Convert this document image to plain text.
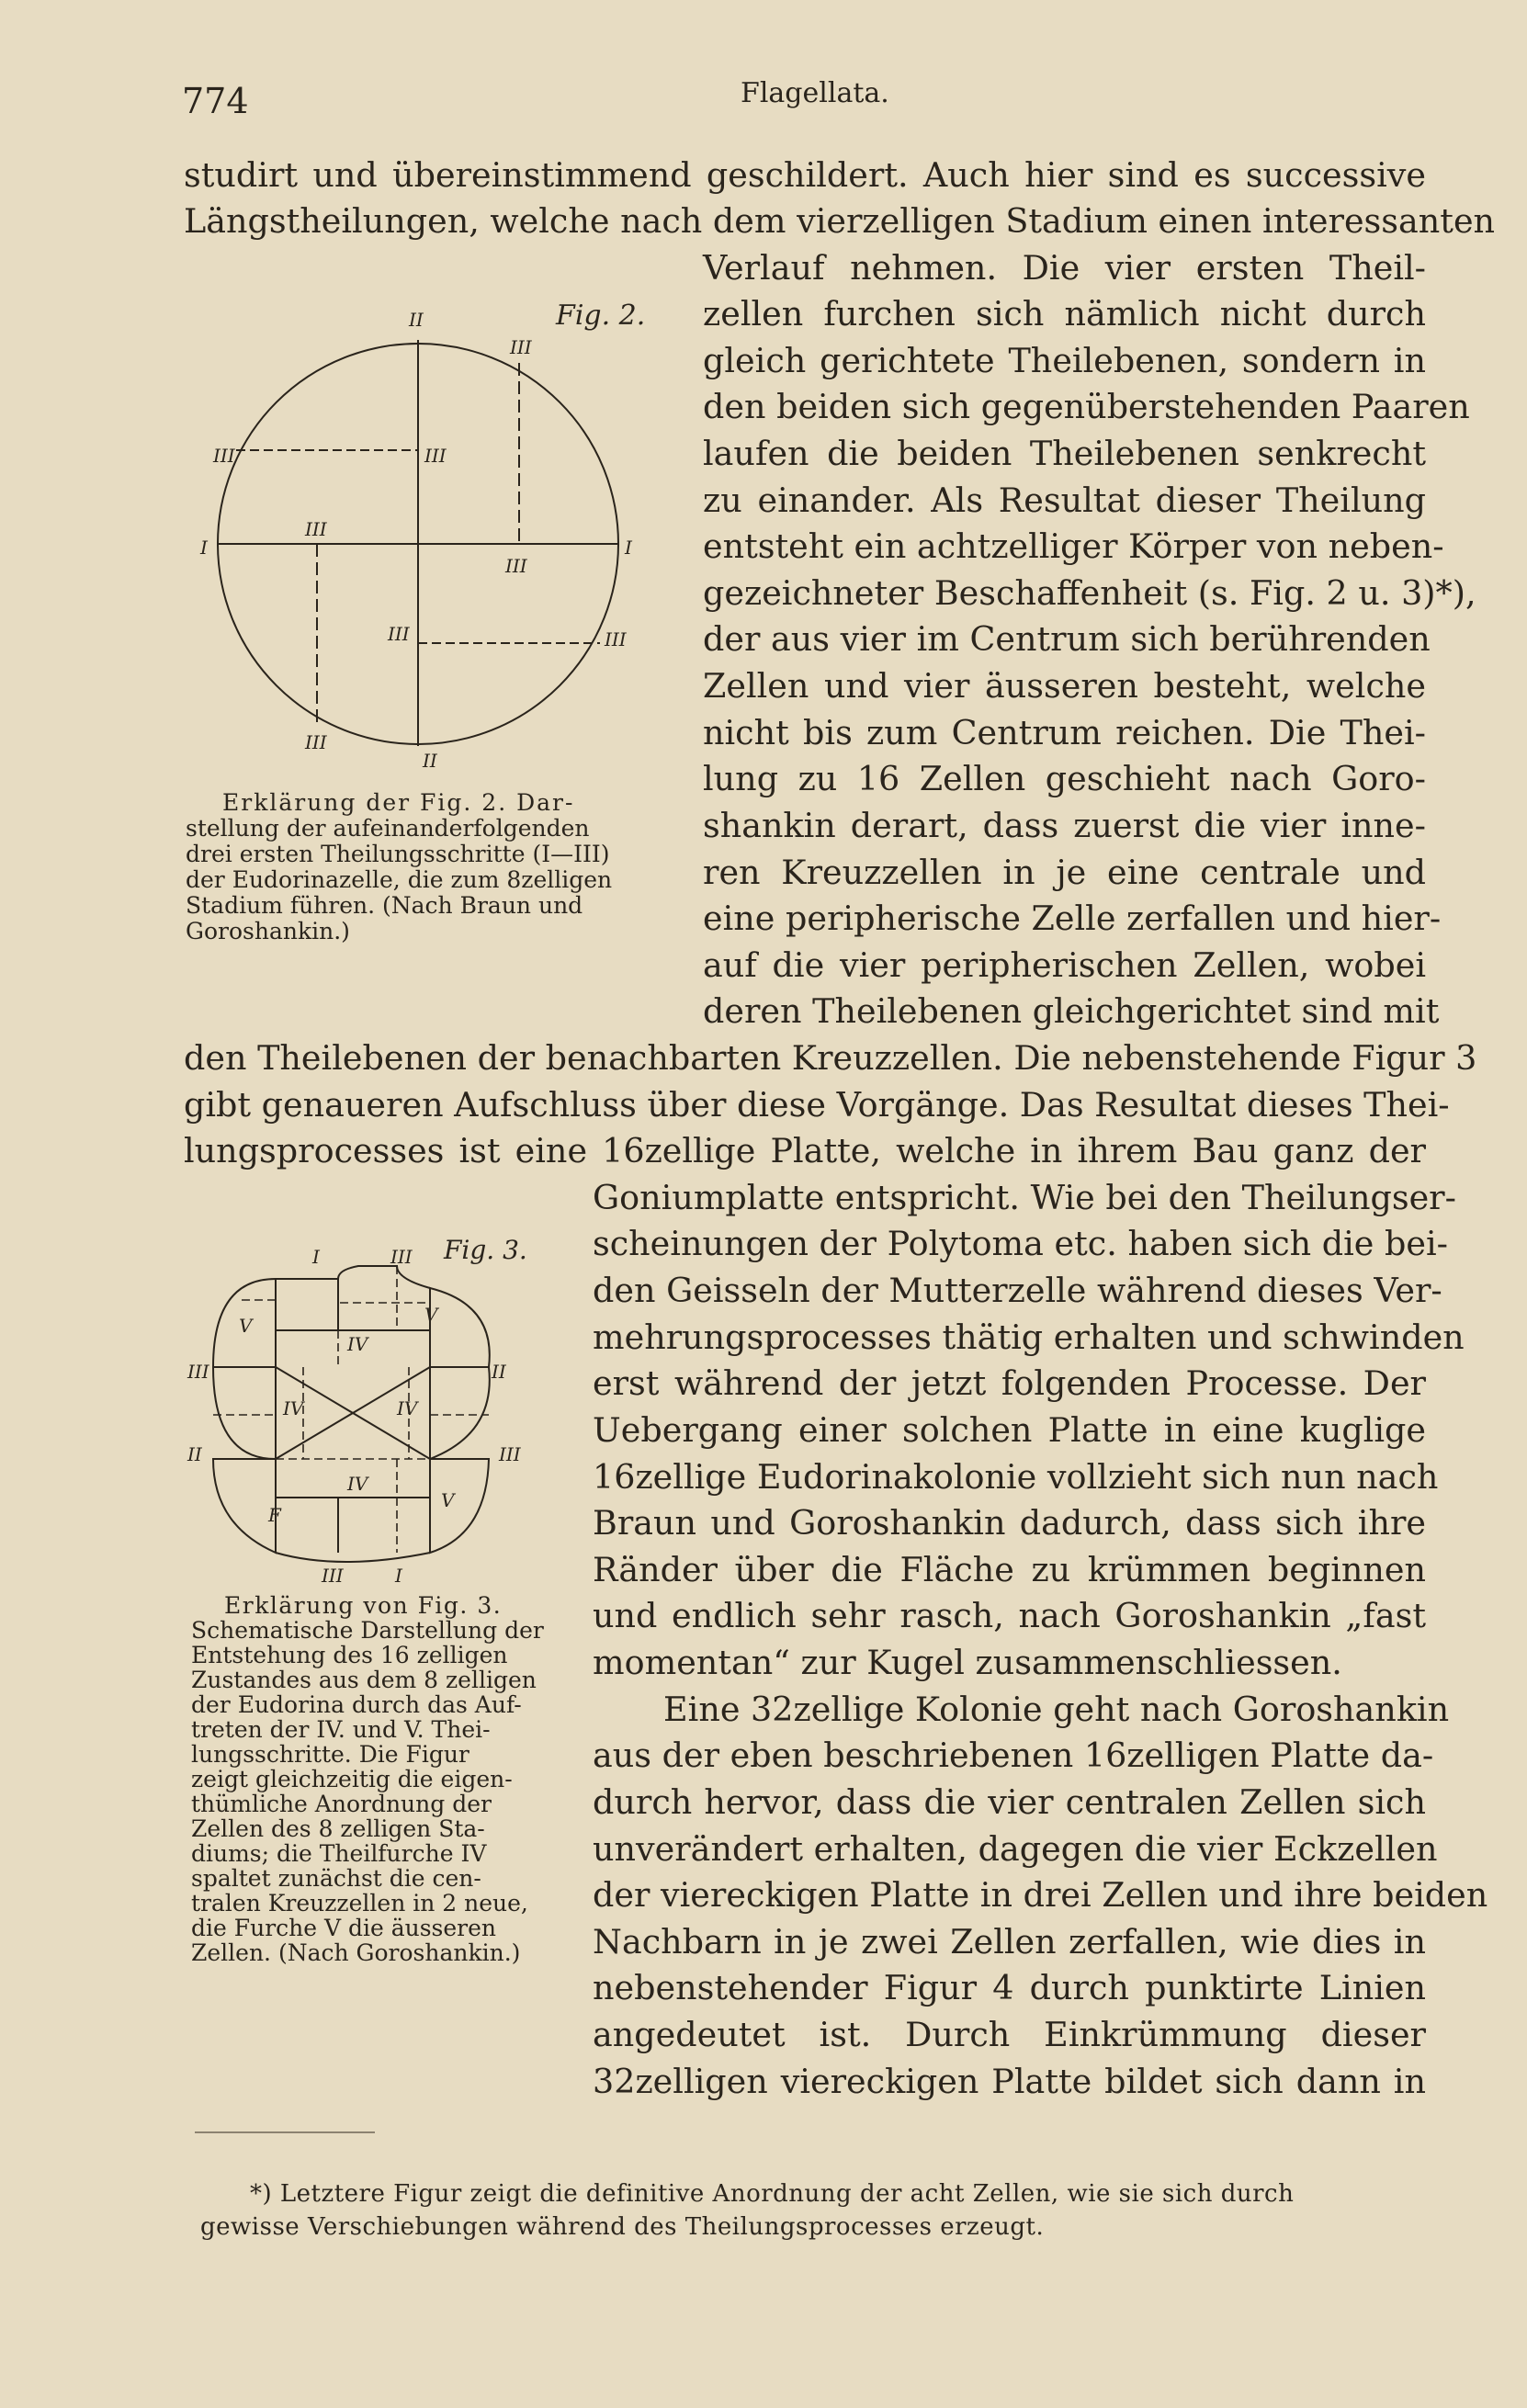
774	Flagellata.
studirt und übereinstimmend geschildert. Auch hier sind es successive
Längstheilungen, welche nach dem vierzelligen Stadium einen interessanten
Verlauf nehmen. Die vier ersten Theil-
zellen furchen sich nämlich nicht durch
gleich gerichtete Theilebenen, sondern in
den beiden sich gegenüberstehenden Paaren
laufen die beiden Theilebenen senkrecht
zu einander. Als Resultat dieser Theilung
entsteht ein achtzelliger Körper von neben-
gezeichneter Beschaffenheit (s. Fig. 2 u. 3)*),
der aus vier im Centrum sich berührenden
Zellen und vier äusseren besteht, welche
nicht bis zum Centrum reichen. Die Thei-
lung zu 16 Zellen geschieht nach Goro-
shankin derart, dass zuerst die vier inne-
ren Kreuzzellen in je eine centrale und
eine peripherische Zelle zerfallen und hier-
auf die vier peripherischen Zellen, wobei
deren Theilebenen gleichgerichtet sind mit
den Theilebenen der benachbarten Kreuzzellen. Die nebenstehende Figur 3
gibt genaueren Aufschluss über diese Vorgänge. Das Resultat dieses Thei-
lungsprocesses ist eine 16zellige Platte, welche in ihrem Bau ganz der
Goniumplatte entspricht. Wie bei den Theilungser-
scheinungen der Polytoma etc. haben sich die bei-
den Geisseln der Mutterzelle während dieses Ver-
mehrungsprocesses thätig erhalten und schwinden
erst während der jetzt folgenden Processe. Der
Uebergang einer solchen Platte in eine kuglige
16zellige Eudorinakolonie vollzieht sich nun nach
Braun und Goroshankin dadurch, dass sich ihre
Ränder über die Fläche zu krümmen beginnen
und endlich sehr rasch, nach Goroshankin „fast
momentan“ zur Kugel zusammenschliessen.
Eine 32zellige Kolonie geht nach Goroshankin
aus der eben beschriebenen 16zelligen Platte da-
durch hervor, dass die vier centralen Zellen sich
unverändert erhalten, dagegen die vier Eckzellen
der viereckigen Platte in drei Zellen und ihre beiden
Nachbarn in je zwei Zellen zerfallen, wie dies in
nebenstehender Figur 4 durch punktirte Linien
angedeutet ist. Durch Einkrümmung dieser
32zelligen viereckigen Platte bildet sich dann in
Fig. 2.
II
III
III	III
I
III
III
I
III	III
III
II
Erklärung der Fig. 2. Dar-
stellung der aufeinanderfolgenden
drei ersten Theilungsschritte (I—III)
der Eudorinazelle, die zum 8zelligen
Stadium führen. (Nach Braun und
Goroshankin.)
Fig. 3.
I	III
V	V
IV
III	II
IV	IV
II	III
IV
F
V
III	I
Erklärung von Fig. 3.
Schematische Darstellung der
Entstehung des 16 zelligen
Zustandes aus dem 8 zelligen
der Eudorina durch das Auf-
treten der IV. und V. Thei-
lungsschritte. Die Figur
zeigt gleichzeitig die eigen-
thümliche Anordnung der
Zellen des 8 zelligen Sta-
diums; die Theilfurche IV
spaltet zunächst die cen-
tralen Kreuzzellen in 2 neue,
die Furche V die äusseren
Zellen. (Nach Goroshankin.)
*) Letztere Figur zeigt die definitive Anordnung der acht Zellen, wie sie sich durch
gewisse Verschiebungen während des Theilungsprocesses erzeugt.
